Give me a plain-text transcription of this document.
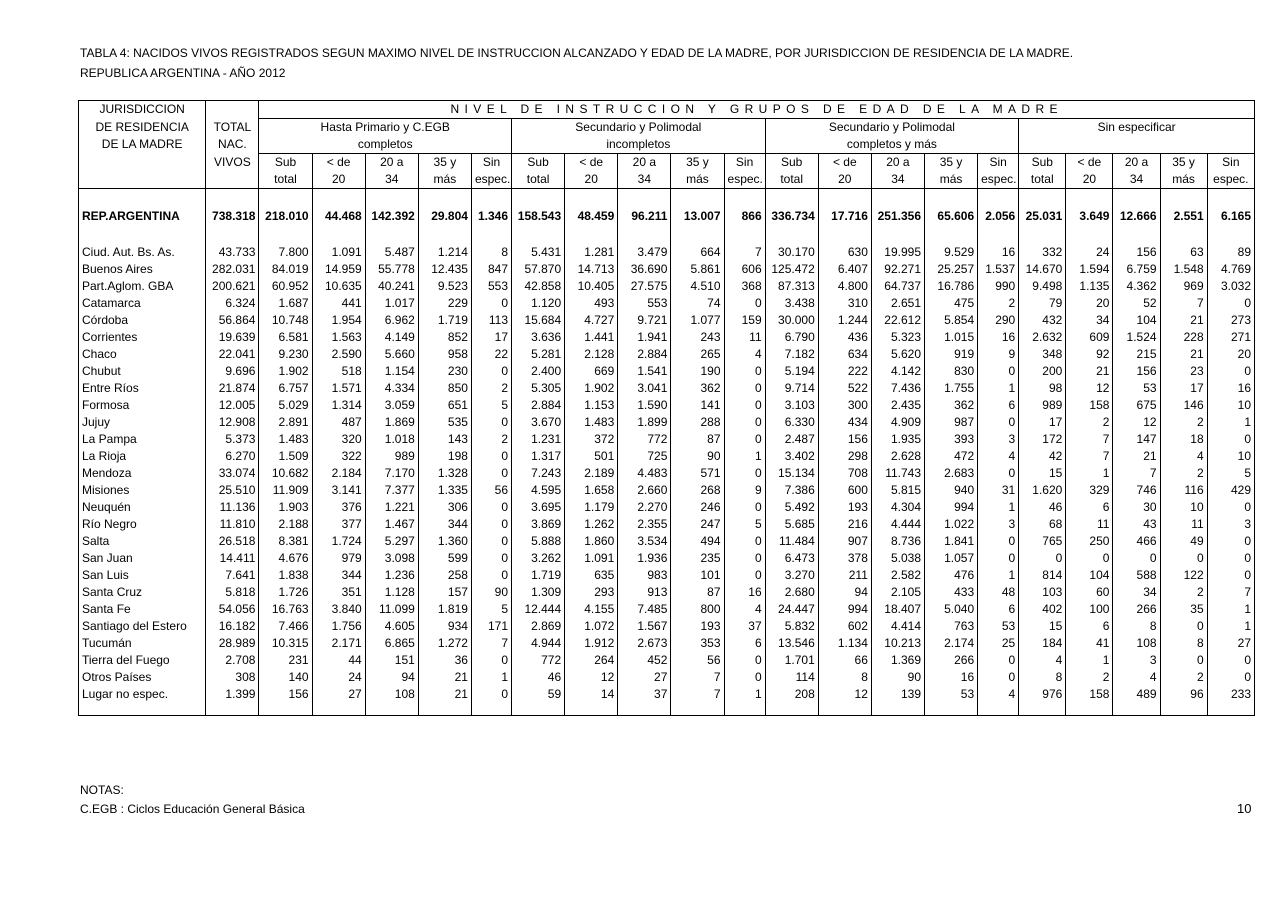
TABLA 4: NACIDOS VIVOS REGISTRADOS SEGUN MAXIMO NIVEL DE INSTRUCCION ALCANZADO Y EDAD DE LA MADRE, POR JURISDICCION DE RESIDENCIA DE LA MADRE.
REPUBLICA ARGENTINA - AÑO 2012
JURISDICCION		NIVEL DE INSTRUCCION Y GRUPOS DE EDAD DE LA MADRE																			
DE RESIDENCIA	TOTAL	Hasta Primario y C.EGB					Secundario y Polimodal					Secundario y Polimodal					Sin especificar				
DE LA MADRE	NAC.	completos					incompletos					completos y más									
	VIVOS	Sub	< de	20 a	35 y	Sin	Sub	< de	20 a	35 y	Sin	Sub	< de	20 a	35 y	Sin	Sub	< de	20 a	35 y	Sin
		total	20	34	más	espec.	total	20	34	más	espec.	total	20	34	más	espec.	total	20	34	más	espec.

REP.ARGENTINA	738.318	218.010	44.468	142.392	29.804	1.346	158.543	48.459	96.211	13.007	866	336.734	17.716	251.356	65.606	2.056	25.031	3.649	12.666	2.551	6.165

Ciud. Aut. Bs. As.	43.733	7.800	1.091	5.487	1.214	8	5.431	1.281	3.479	664	7	30.170	630	19.995	9.529	16	332	24	156	63	89
Buenos Aires	282.031	84.019	14.959	55.778	12.435	847	57.870	14.713	36.690	5.861	606	125.472	6.407	92.271	25.257	1.537	14.670	1.594	6.759	1.548	4.769
Part.Aglom. GBA	200.621	60.952	10.635	40.241	9.523	553	42.858	10.405	27.575	4.510	368	87.313	4.800	64.737	16.786	990	9.498	1.135	4.362	969	3.032
Catamarca	6.324	1.687	441	1.017	229	0	1.120	493	553	74	0	3.438	310	2.651	475	2	79	20	52	7	0
Córdoba	56.864	10.748	1.954	6.962	1.719	113	15.684	4.727	9.721	1.077	159	30.000	1.244	22.612	5.854	290	432	34	104	21	273
Corrientes	19.639	6.581	1.563	4.149	852	17	3.636	1.441	1.941	243	11	6.790	436	5.323	1.015	16	2.632	609	1.524	228	271
Chaco	22.041	9.230	2.590	5.660	958	22	5.281	2.128	2.884	265	4	7.182	634	5.620	919	9	348	92	215	21	20
Chubut	9.696	1.902	518	1.154	230	0	2.400	669	1.541	190	0	5.194	222	4.142	830	0	200	21	156	23	0
Entre Ríos	21.874	6.757	1.571	4.334	850	2	5.305	1.902	3.041	362	0	9.714	522	7.436	1.755	1	98	12	53	17	16
Formosa	12.005	5.029	1.314	3.059	651	5	2.884	1.153	1.590	141	0	3.103	300	2.435	362	6	989	158	675	146	10
Jujuy	12.908	2.891	487	1.869	535	0	3.670	1.483	1.899	288	0	6.330	434	4.909	987	0	17	2	12	2	1
La Pampa	5.373	1.483	320	1.018	143	2	1.231	372	772	87	0	2.487	156	1.935	393	3	172	7	147	18	0
La Rioja	6.270	1.509	322	989	198	0	1.317	501	725	90	1	3.402	298	2.628	472	4	42	7	21	4	10
Mendoza	33.074	10.682	2.184	7.170	1.328	0	7.243	2.189	4.483	571	0	15.134	708	11.743	2.683	0	15	1	7	2	5
Misiones	25.510	11.909	3.141	7.377	1.335	56	4.595	1.658	2.660	268	9	7.386	600	5.815	940	31	1.620	329	746	116	429
Neuquén	11.136	1.903	376	1.221	306	0	3.695	1.179	2.270	246	0	5.492	193	4.304	994	1	46	6	30	10	0
Río Negro	11.810	2.188	377	1.467	344	0	3.869	1.262	2.355	247	5	5.685	216	4.444	1.022	3	68	11	43	11	3
Salta	26.518	8.381	1.724	5.297	1.360	0	5.888	1.860	3.534	494	0	11.484	907	8.736	1.841	0	765	250	466	49	0
San Juan	14.411	4.676	979	3.098	599	0	3.262	1.091	1.936	235	0	6.473	378	5.038	1.057	0	0	0	0	0	0
San Luis	7.641	1.838	344	1.236	258	0	1.719	635	983	101	0	3.270	211	2.582	476	1	814	104	588	122	0
Santa Cruz	5.818	1.726	351	1.128	157	90	1.309	293	913	87	16	2.680	94	2.105	433	48	103	60	34	2	7
Santa Fe	54.056	16.763	3.840	11.099	1.819	5	12.444	4.155	7.485	800	4	24.447	994	18.407	5.040	6	402	100	266	35	1
Santiago del Estero	16.182	7.466	1.756	4.605	934	171	2.869	1.072	1.567	193	37	5.832	602	4.414	763	53	15	6	8	0	1
Tucumán	28.989	10.315	2.171	6.865	1.272	7	4.944	1.912	2.673	353	6	13.546	1.134	10.213	2.174	25	184	41	108	8	27
Tierra del Fuego	2.708	231	44	151	36	0	772	264	452	56	0	1.701	66	1.369	266	0	4	1	3	0	0
Otros Países	308	140	24	94	21	1	46	12	27	7	0	114	8	90	16	0	8	2	4	2	0
Lugar no espec.	1.399	156	27	108	21	0	59	14	37	7	1	208	12	139	53	4	976	158	489	96	233

NOTAS:
C.EGB : Ciclos Educación General Básica	10
